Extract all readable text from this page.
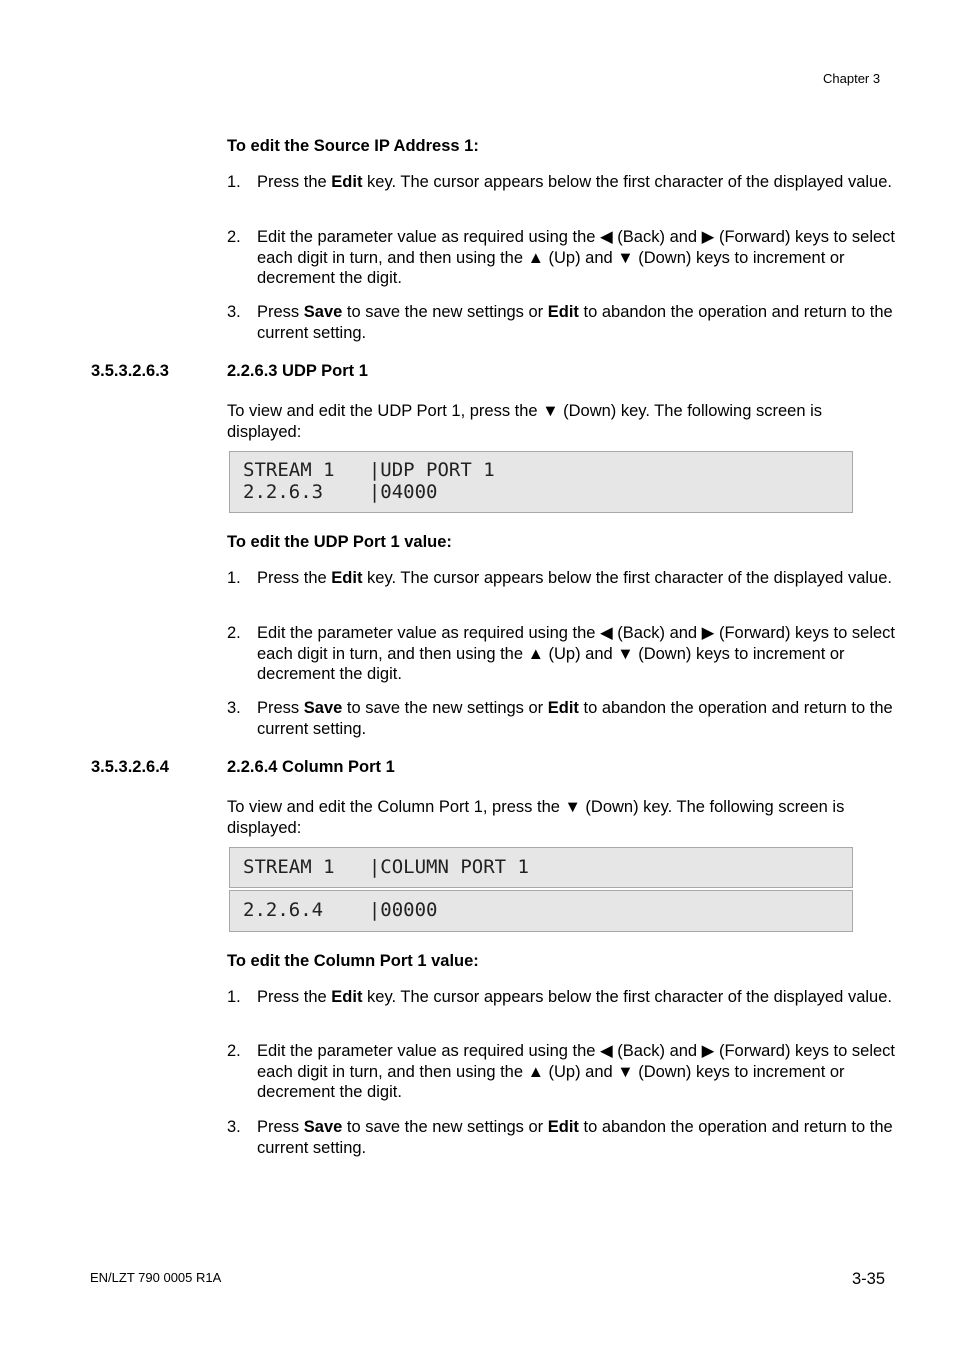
Chapter 3
To edit the Source IP Address 1:
1. Press the Edit key. The cursor appears below the first character of the displayed value.
2. Edit the parameter value as required using the ◀ (Back) and ▶ (Forward) keys to select each digit in turn, and then using the ▲ (Up) and ▼ (Down) keys to increment or decrement the digit.
3. Press Save to save the new settings or Edit to abandon the operation and return to the current setting.
3.5.3.2.6.3	2.2.6.3 UDP Port 1
To view and edit the UDP Port 1, press the ▼ (Down) key. The following screen is displayed:
STREAM 1   |UDP PORT 1
2.2.6.3    |04000
To edit the UDP Port 1 value:
1. Press the Edit key. The cursor appears below the first character of the displayed value.
2. Edit the parameter value as required using the ◀ (Back) and ▶ (Forward) keys to select each digit in turn, and then using the ▲ (Up) and ▼ (Down) keys to increment or decrement the digit.
3. Press Save to save the new settings or Edit to abandon the operation and return to the current setting.
3.5.3.2.6.4	2.2.6.4 Column Port 1
To view and edit the Column Port 1, press the ▼ (Down) key. The following screen is displayed:
STREAM 1   |COLUMN PORT 1
2.2.6.4    |00000
To edit the Column Port 1 value:
1. Press the Edit key. The cursor appears below the first character of the displayed value.
2. Edit the parameter value as required using the ◀ (Back) and ▶ (Forward) keys to select each digit in turn, and then using the ▲ (Up) and ▼ (Down) keys to increment or decrement the digit.
3. Press Save to save the new settings or Edit to abandon the operation and return to the current setting.
EN/LZT 790 0005 R1A	3-35
